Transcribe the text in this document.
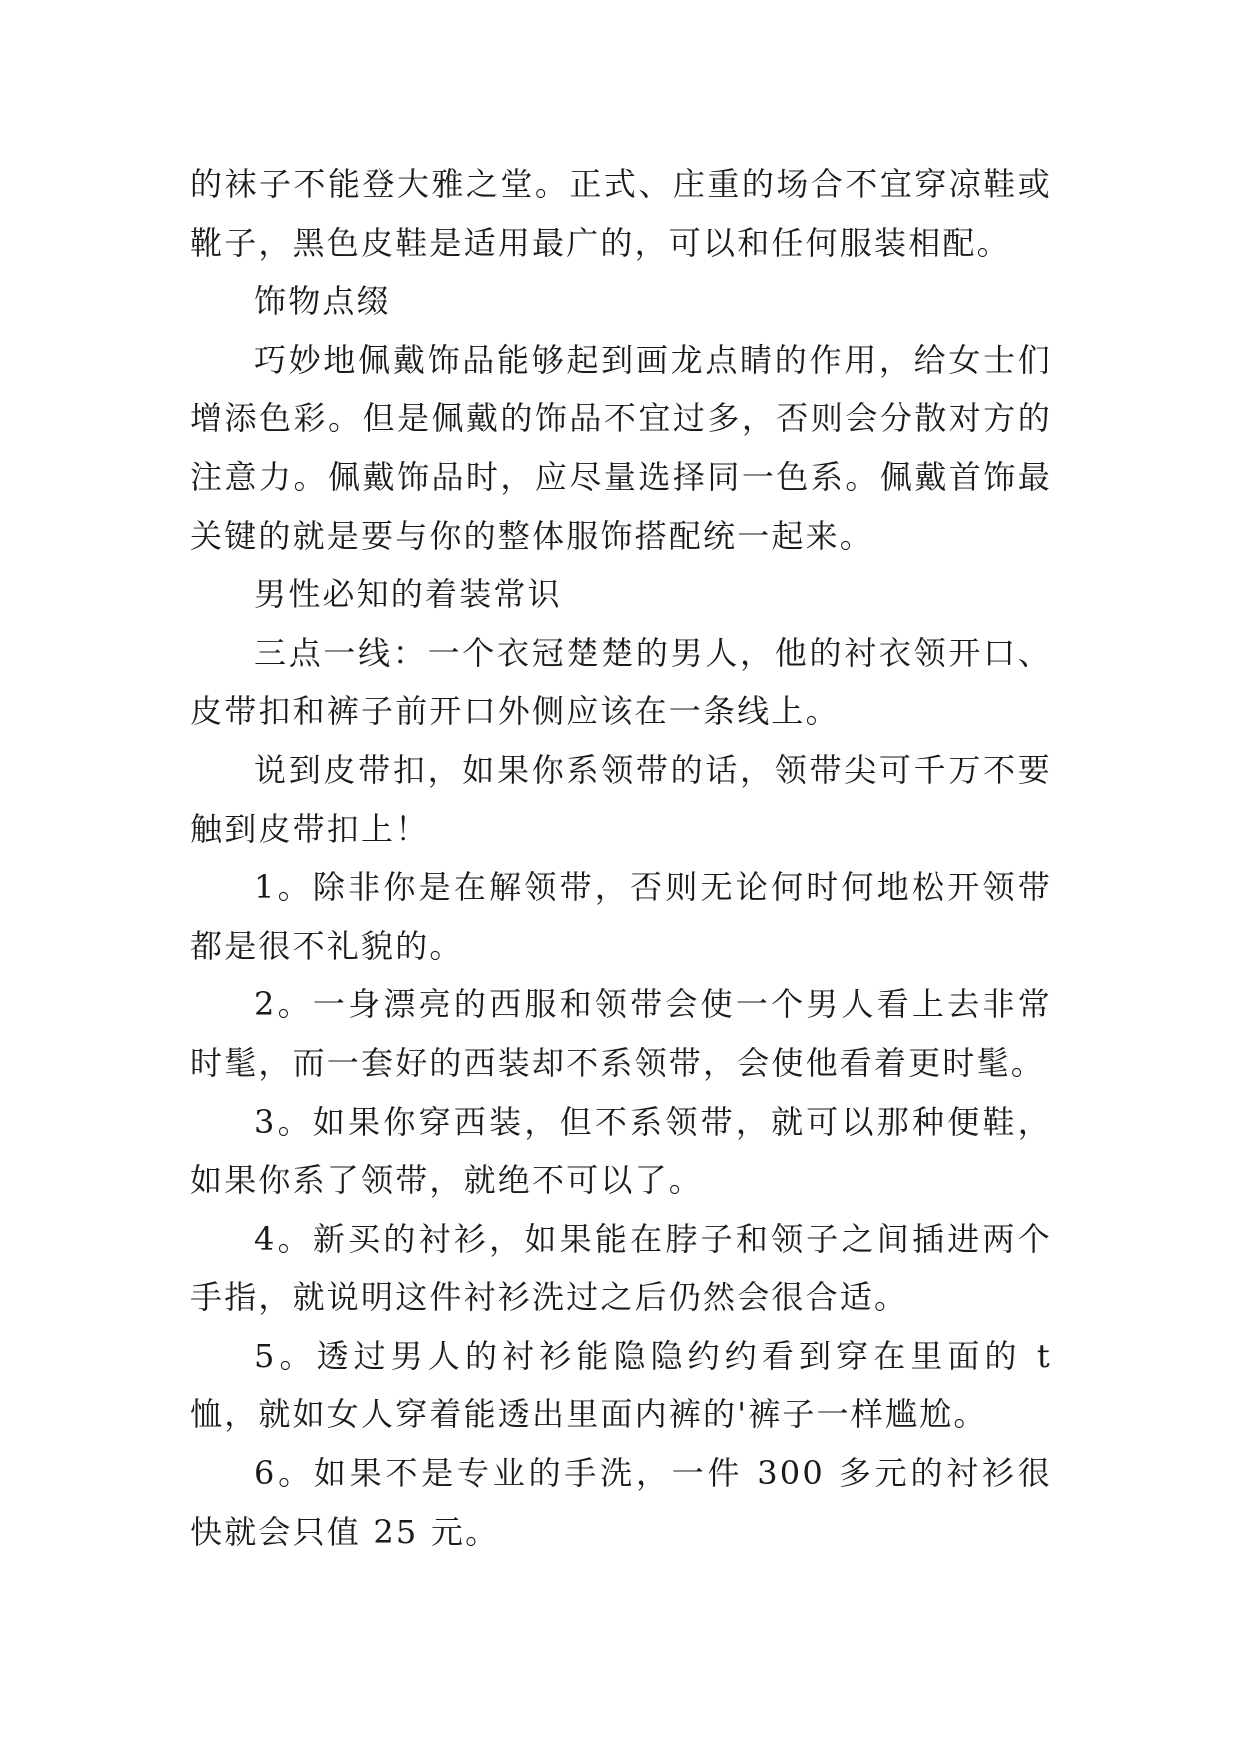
的袜子不能登大雅之堂。正式、庄重的场合不宜穿凉鞋或靴子，黑色皮鞋是适用最广的，可以和任何服装相配。

饰物点缀

巧妙地佩戴饰品能够起到画龙点睛的作用，给女士们增添色彩。但是佩戴的饰品不宜过多，否则会分散对方的注意力。佩戴饰品时，应尽量选择同一色系。佩戴首饰最关键的就是要与你的整体服饰搭配统一起来。

男性必知的着装常识

三点一线：一个衣冠楚楚的男人，他的衬衣领开口、皮带扣和裤子前开口外侧应该在一条线上。

说到皮带扣，如果你系领带的话，领带尖可千万不要触到皮带扣上！

1。除非你是在解领带，否则无论何时何地松开领带都是很不礼貌的。

2。一身漂亮的西服和领带会使一个男人看上去非常时髦，而一套好的西装却不系领带，会使他看着更时髦。

3。如果你穿西装，但不系领带，就可以那种便鞋，如果你系了领带，就绝不可以了。

4。新买的衬衫，如果能在脖子和领子之间插进两个手指，就说明这件衬衫洗过之后仍然会很合适。

5。透过男人的衬衫能隐隐约约看到穿在里面的 t 恤，就如女人穿着能透出里面内裤的'裤子一样尴尬。

6。如果不是专业的手洗，一件 300 多元的衬衫很快就会只值 25 元。
